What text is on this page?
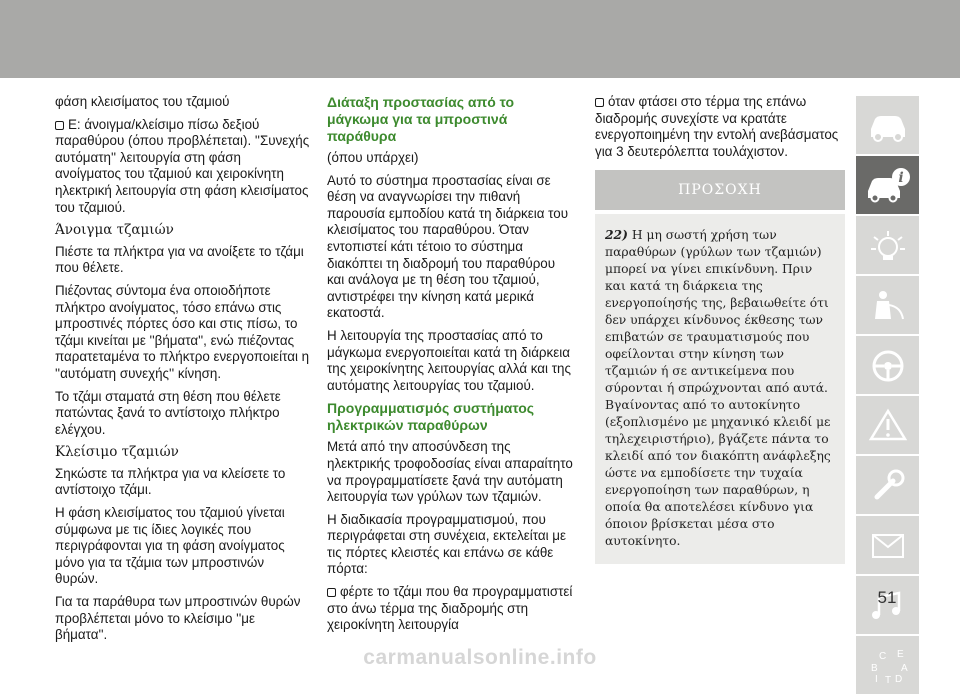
φάση κλεισίματος του τζαμιού

Ε: άνοιγμα/κλείσιμο πίσω δεξιού παραθύρου (όπου προβλέπεται). ''Συνεχής αυτόματη'' λειτουργία στη φάση ανοίγματος του τζαμιού και χειροκίνητη ηλεκτρική λειτουργία στη φάση κλεισίματος του τζαμιού.

Άνοιγμα τζαμιών

Πιέστε τα πλήκτρα για να ανοίξετε το τζάμι που θέλετε.

Πιέζοντας σύντομα ένα οποιοδήποτε πλήκτρο ανοίγματος, τόσο επάνω στις μπροστινές πόρτες όσο και στις πίσω, το τζάμι κινείται με ''βήματα'', ενώ πιέζοντας παρατεταμένα το πλήκτρο ενεργοποιείται η ''αυτόματη συνεχής'' κίνηση.

Το τζάμι σταματά στη θέση που θέλετε πατώντας ξανά το αντίστοιχο πλήκτρο ελέγχου.

Κλείσιμο τζαμιών

Σηκώστε τα πλήκτρα για να κλείσετε το αντίστοιχο τζάμι.

Η φάση κλεισίματος του τζαμιού γίνεται σύμφωνα με τις ίδιες λογικές που περιγράφονται για τη φάση ανοίγματος μόνο για τα τζάμια των μπροστινών θυρών.

Για τα παράθυρα των μπροστινών θυρών προβλέπεται μόνο το κλείσιμο ''με βήματα''.

Διάταξη προστασίας από το μάγκωμα για τα μπροστινά παράθυρα

(όπου υπάρχει)

Αυτό το σύστημα προστασίας είναι σε θέση να αναγνωρίσει την πιθανή παρουσία εμποδίου κατά τη διάρκεια του κλεισίματος του παραθύρου. Όταν εντοπιστεί κάτι τέτοιο το σύστημα διακόπτει τη διαδρομή του παραθύρου και ανάλογα με τη θέση του τζαμιού, αντιστρέφει την κίνηση κατά μερικά εκατοστά.

Η λειτουργία της προστασίας από το μάγκωμα ενεργοποιείται κατά τη διάρκεια της χειροκίνητης λειτουργίας αλλά και της αυτόματης λειτουργίας του τζαμιού.

Προγραμματισμός συστήματος ηλεκτρικών παραθύρων

Μετά από την αποσύνδεση της ηλεκτρικής τροφοδοσίας είναι απαραίτητο να προγραμματίσετε ξανά την αυτόματη λειτουργία των γρύλων των τζαμιών.

Η διαδικασία προγραμματισμού, που περιγράφεται στη συνέχεια, εκτελείται με τις πόρτες κλειστές και επάνω σε κάθε πόρτα:

φέρτε το τζάμι που θα προγραμματιστεί στο άνω τέρμα της διαδρομής στη χειροκίνητη λειτουργία

όταν φτάσει στο τέρμα της επάνω διαδρομής συνεχίστε να κρατάτε ενεργοποιημένη την εντολή ανεβάσματος για 3 δευτερόλεπτα τουλάχιστον.

ΠΡΟΣΟΧΗ
22) Η μη σωστή χρήση των παραθύρων (γρύλων των τζαμιών) μπορεί να γίνει επικίνδυνη. Πριν και κατά τη διάρκεια της ενεργοποίησής της, βεβαιωθείτε ότι δεν υπάρχει κίνδυνος έκθεσης των επιβατών σε τραυματισμούς που οφείλονται στην κίνηση των τζαμιών ή σε αντικείμενα που σύρονται ή σπρώχνονται από αυτά. Βγαίνοντας από το αυτοκίνητο (εξοπλισμένο με μηχανικό κλειδί με τηλεχειριστήριο), βγάζετε πάντα το κλειδί από τον διακόπτη ανάφλεξης ώστε να εμποδίσετε την τυχαία ενεργοποίηση των παραθύρων, η οποία θα αποτελέσει κίνδυνο για όποιον βρίσκεται μέσα στο αυτοκίνητο.
i
C E
B A
I T D
51
carmanualsonline.info
